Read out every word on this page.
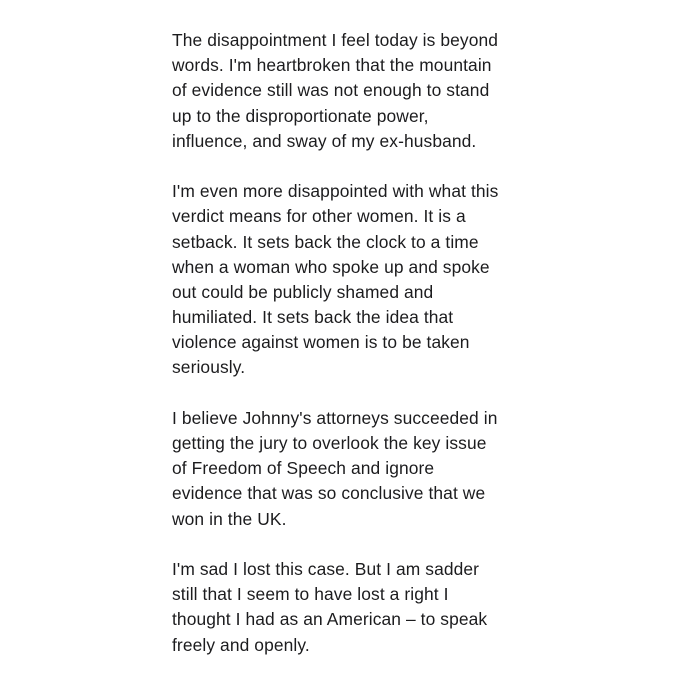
The disappointment I feel today is beyond
words. I'm heartbroken that the mountain
of evidence still was not enough to stand
up to the disproportionate power,
influence, and sway of my ex-husband.

I'm even more disappointed with what this
verdict means for other women. It is a
setback. It sets back the clock to a time
when a woman who spoke up and spoke
out could be publicly shamed and
humiliated. It sets back the idea that
violence against women is to be taken
seriously.

I believe Johnny's attorneys succeeded in
getting the jury to overlook the key issue
of Freedom of Speech and ignore
evidence that was so conclusive that we
won in the UK.

I'm sad I lost this case. But I am sadder
still that I seem to have lost a right I
thought I had as an American – to speak
freely and openly.
